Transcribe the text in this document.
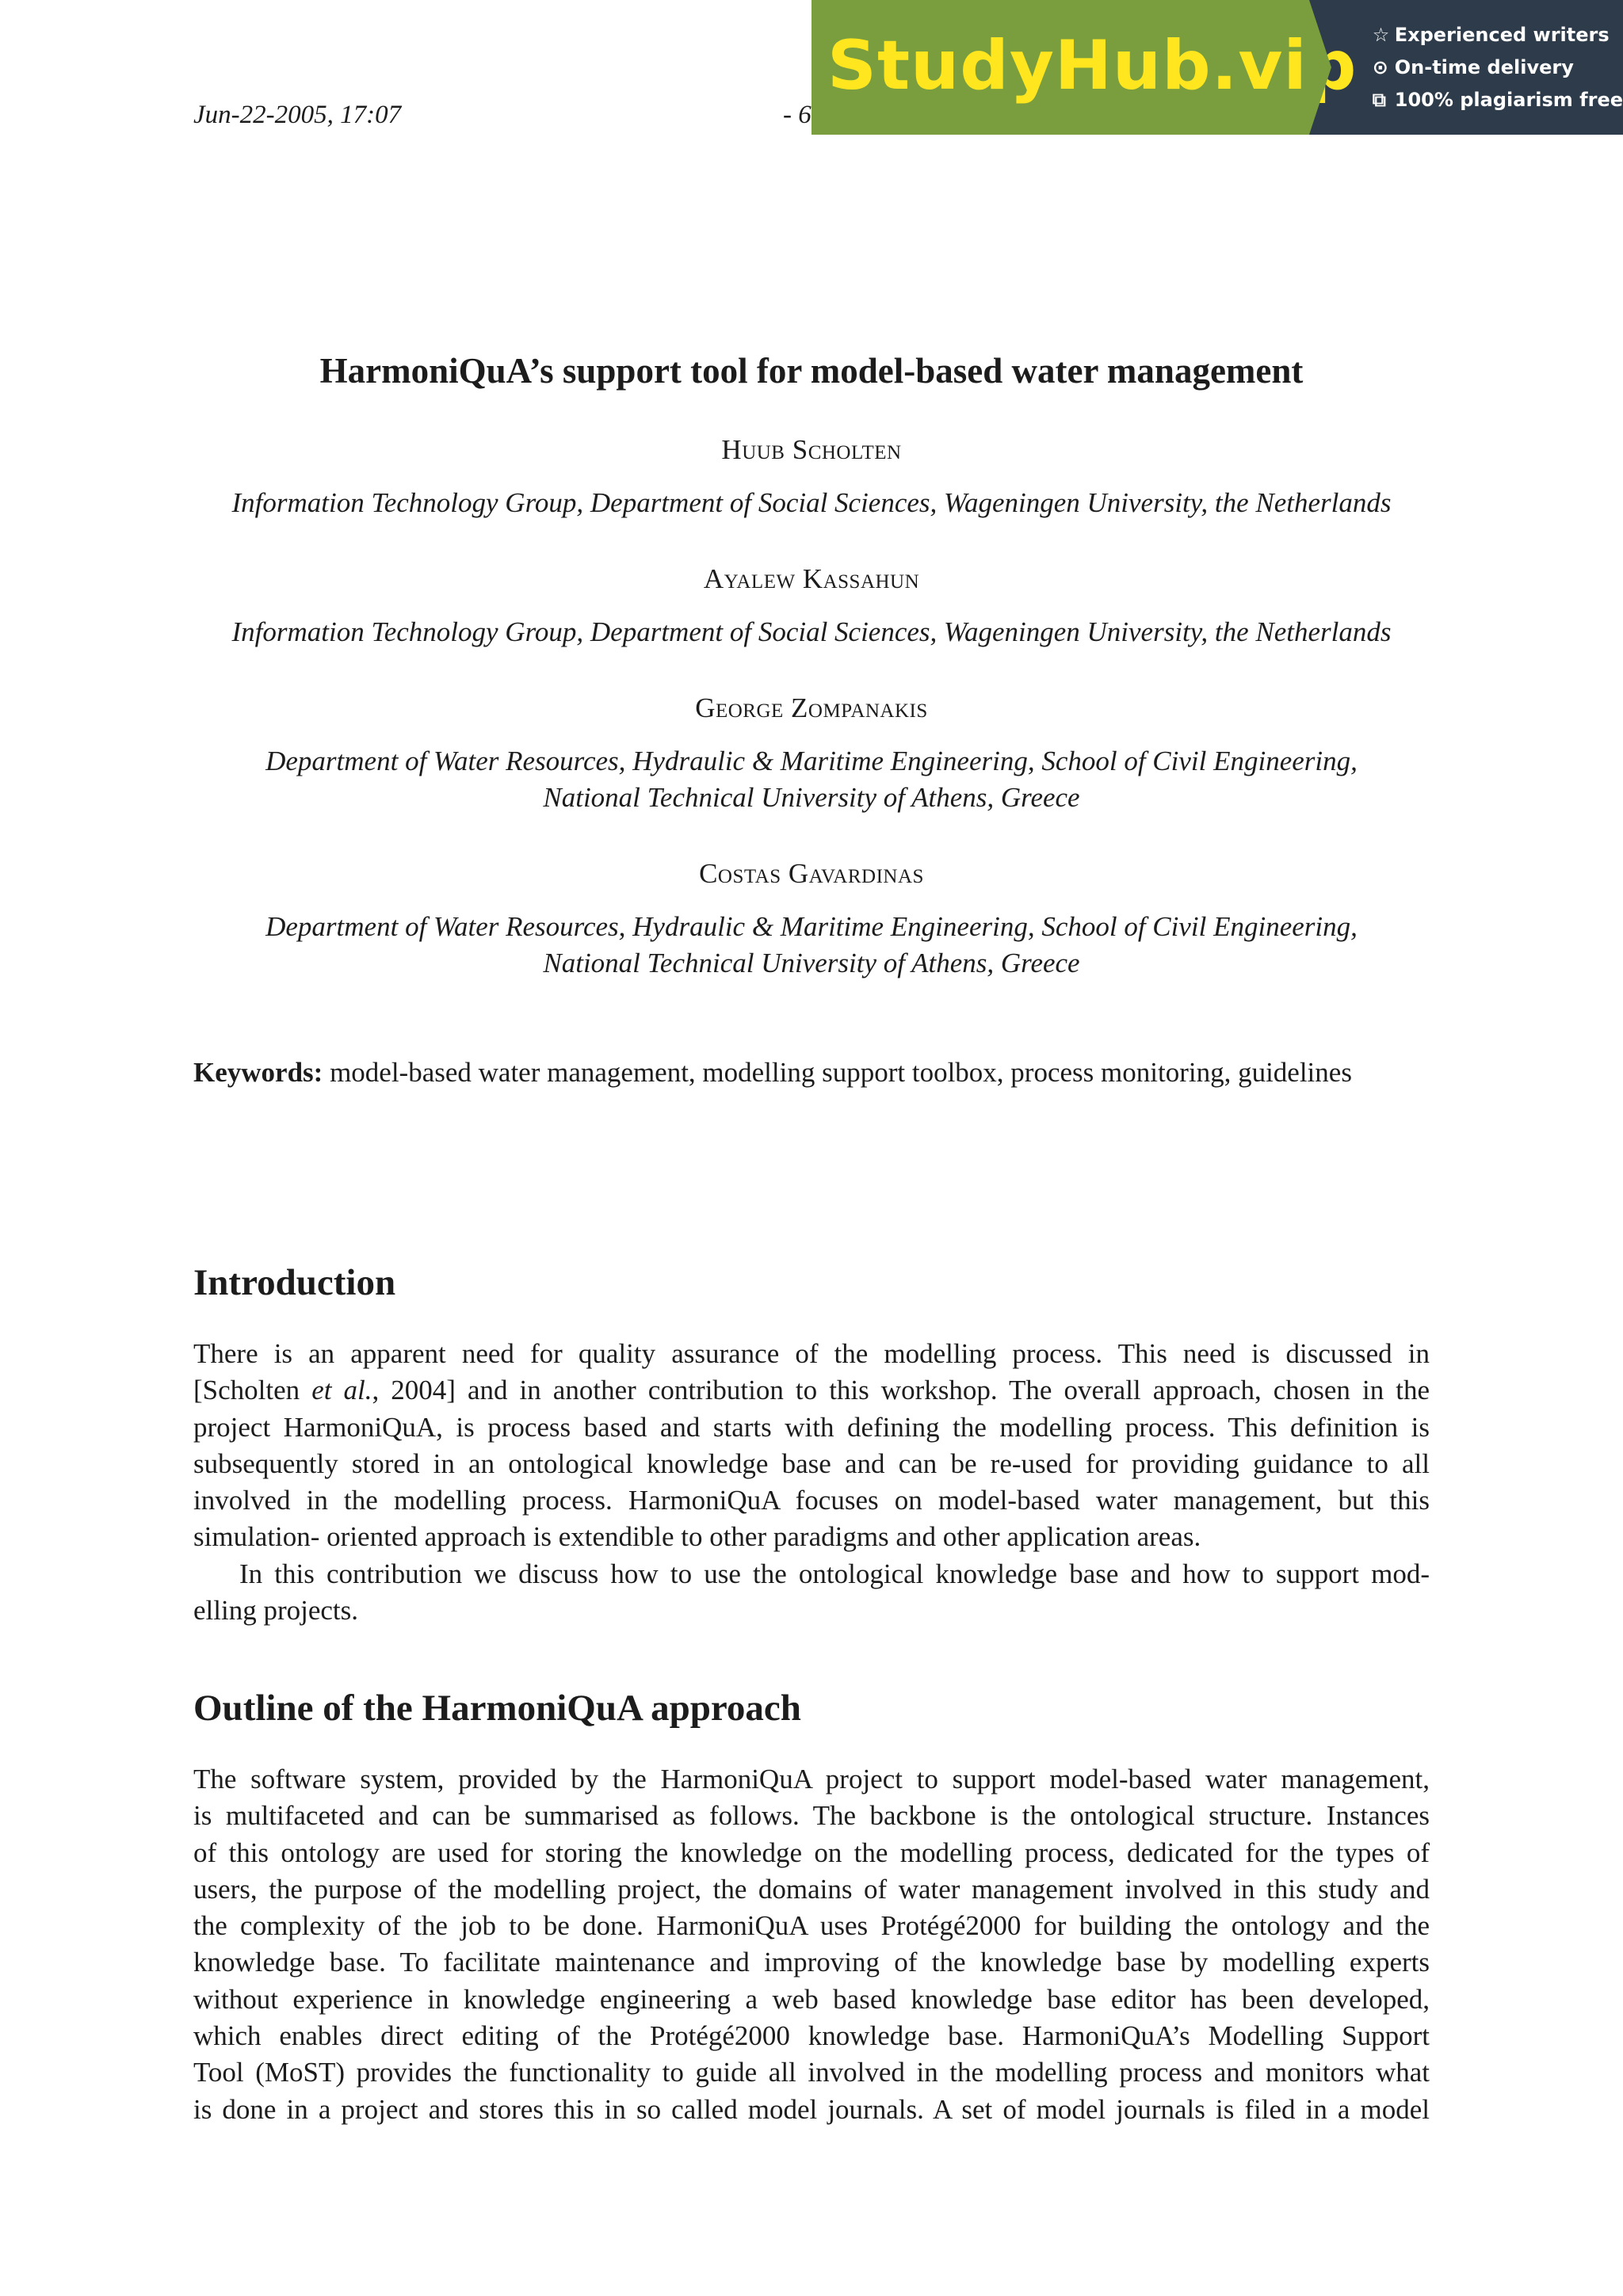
Jun-22-2005, 17:07	- 6
StudyHub.vip ☆ Experienced writers
⊙ On-time delivery
⧉ 100% plagiarism free
HarmoniQuA’s support tool for model-based water management
Huub Scholten
Information Technology Group, Department of Social Sciences, Wageningen University, the Netherlands
Ayalew Kassahun
Information Technology Group, Department of Social Sciences, Wageningen University, the Netherlands
George Zompanakis
Department of Water Resources, Hydraulic & Maritime Engineering, School of Civil Engineering,
National Technical University of Athens, Greece
Costas Gavardinas
Department of Water Resources, Hydraulic & Maritime Engineering, School of Civil Engineering,
National Technical University of Athens, Greece
Keywords: model-based water management, modelling support toolbox, process monitoring, guidelines
Introduction
There is an apparent need for quality assurance of the modelling process. This need is discussed in
[Scholten et al., 2004] and in another contribution to this workshop. The overall approach, chosen in the
project HarmoniQuA, is process based and starts with defining the modelling process. This definition is
subsequently stored in an ontological knowledge base and can be re-used for providing guidance to all
involved in the modelling process. HarmoniQuA focuses on model-based water management, but this
simulation- oriented approach is extendible to other paradigms and other application areas.
In this contribution we discuss how to use the ontological knowledge base and how to support mod-
elling projects.
Outline of the HarmoniQuA approach
The software system, provided by the HarmoniQuA project to support model-based water management,
is multifaceted and can be summarised as follows. The backbone is the ontological structure. Instances
of this ontology are used for storing the knowledge on the modelling process, dedicated for the types of
users, the purpose of the modelling project, the domains of water management involved in this study and
the complexity of the job to be done. HarmoniQuA uses Protégé2000 for building the ontology and the
knowledge base. To facilitate maintenance and improving of the knowledge base by modelling experts
without experience in knowledge engineering a web based knowledge base editor has been developed,
which enables direct editing of the Protégé2000 knowledge base. HarmoniQuA’s Modelling Support
Tool (MoST) provides the functionality to guide all involved in the modelling process and monitors what
is done in a project and stores this in so called model journals. A set of model journals is filed in a model
